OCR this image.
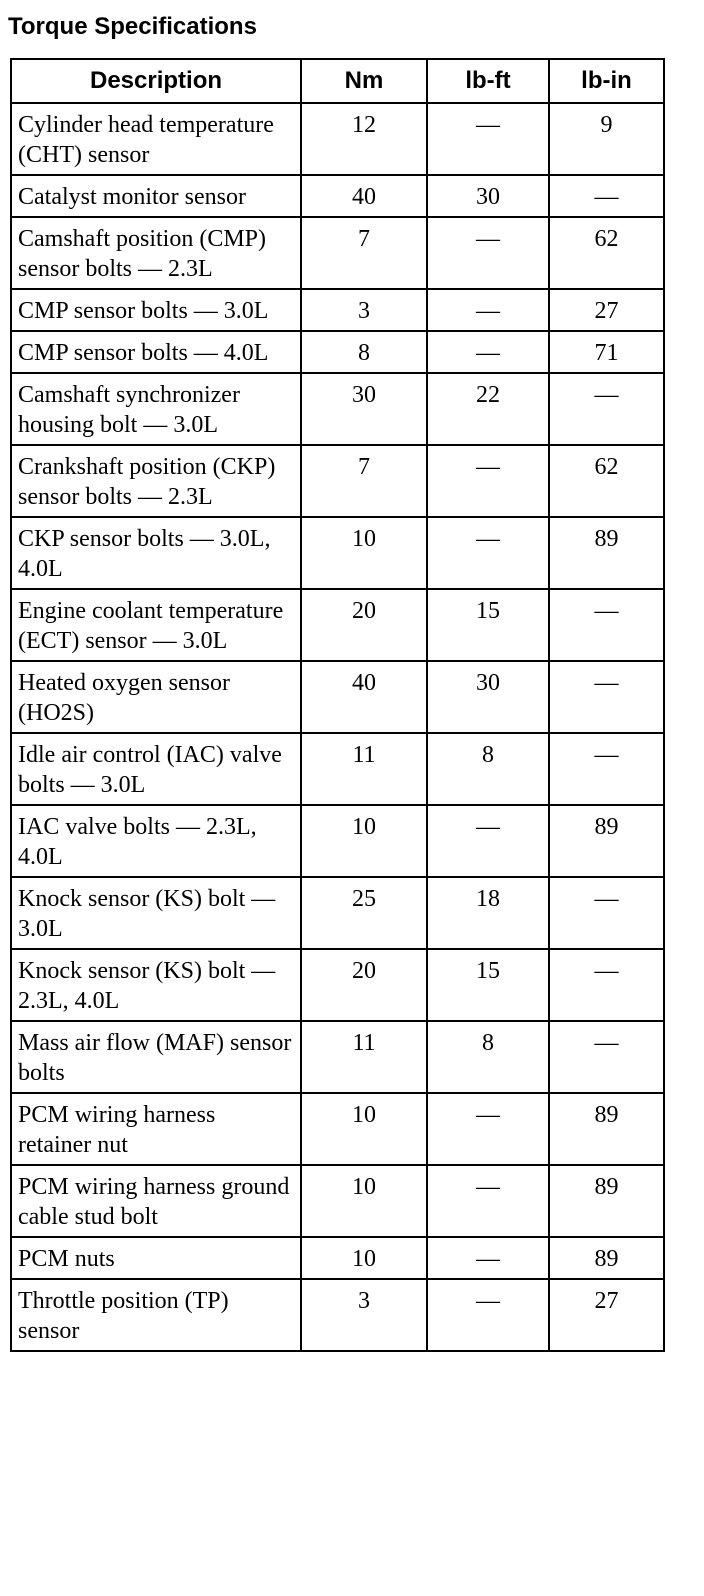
Torque Specifications
Description	Nm	lb-ft	lb-in
Cylinder head temperature (CHT) sensor	12	—	9
Catalyst monitor sensor	40	30	—
Camshaft position (CMP) sensor bolts — 2.3L	7	—	62
CMP sensor bolts — 3.0L	3	—	27
CMP sensor bolts — 4.0L	8	—	71
Camshaft synchronizer housing bolt — 3.0L	30	22	—
Crankshaft position (CKP) sensor bolts — 2.3L	7	—	62
CKP sensor bolts — 3.0L, 4.0L	10	—	89
Engine coolant temperature (ECT) sensor — 3.0L	20	15	—
Heated oxygen sensor (HO2S)	40	30	—
Idle air control (IAC) valve bolts — 3.0L	11	8	—
IAC valve bolts — 2.3L, 4.0L	10	—	89
Knock sensor (KS) bolt — 3.0L	25	18	—
Knock sensor (KS) bolt — 2.3L, 4.0L	20	15	—
Mass air flow (MAF) sensor bolts	11	8	—
PCM wiring harness retainer nut	10	—	89
PCM wiring harness ground cable stud bolt	10	—	89
PCM nuts	10	—	89
Throttle position (TP) sensor	3	—	27
